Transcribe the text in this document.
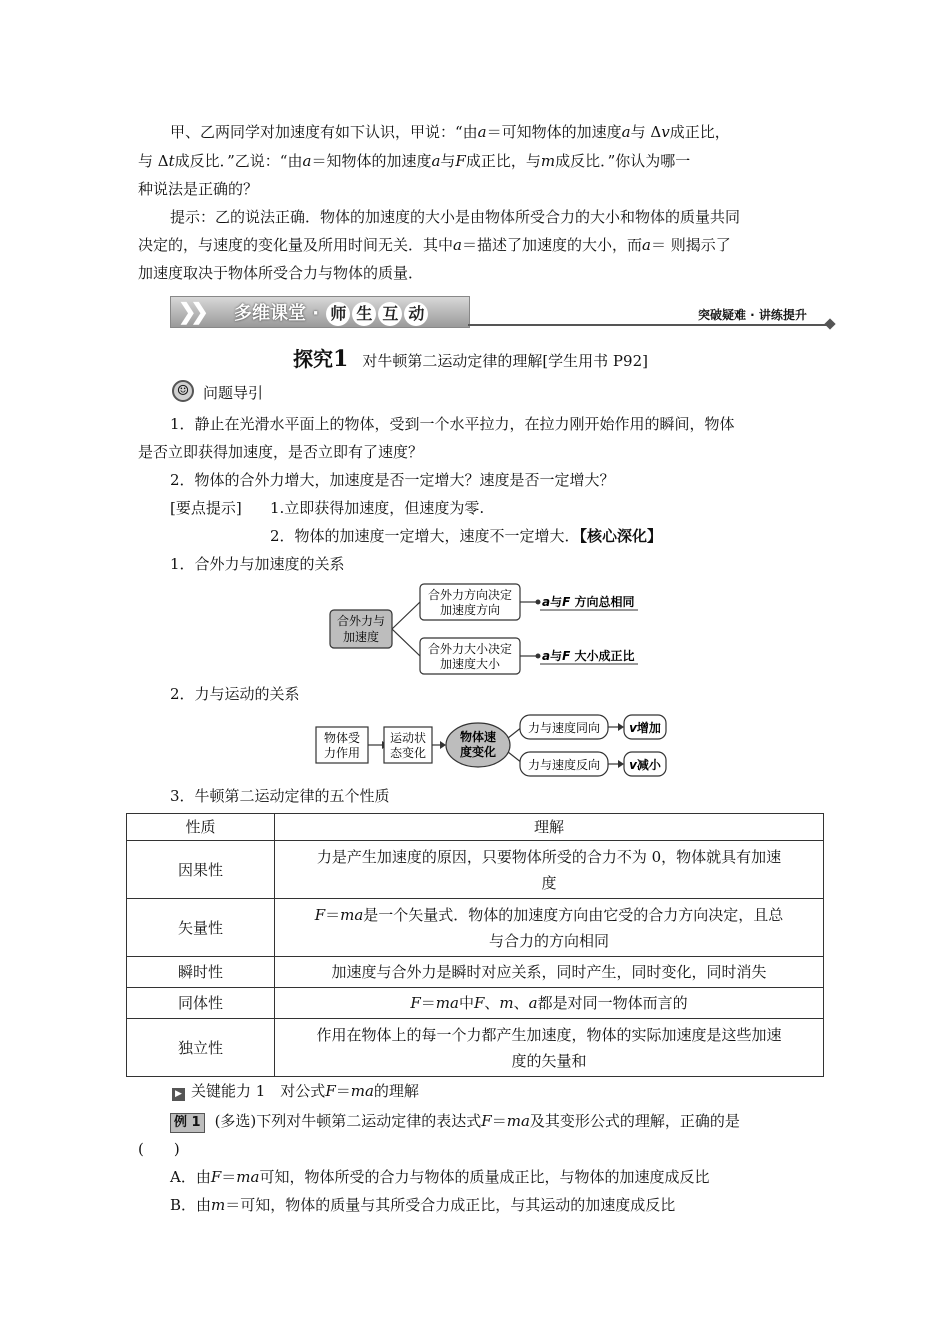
甲、乙两同学对加速度有如下认识，甲说：“由a＝可知物体的加速度a与 Δv成正比，
与 Δt成反比．”乙说：“由a＝知物体的加速度a与F成正比，与m成反比．”你认为哪一
种说法是正确的？
提示：乙的说法正确．物体的加速度的大小是由物体所受合力的大小和物体的质量共同
决定的，与速度的变化量及所用时间无关．其中a＝描述了加速度的大小，而a＝ 则揭示了
加速度取决于物体所受合力与物体的质量．
❯❯ 多维课堂 · 师 生 互 动	突破疑难 · 讲练提升
探究1 对牛顿第二运动定律的理解[学生用书 P92]
☺ 问题导引
1．静止在光滑水平面上的物体，受到一个水平拉力，在拉力刚开始作用的瞬间，物体
是否立即获得加速度，是否立即有了速度？
2．物体的合外力增大，加速度是否一定增大？速度是否一定增大？
[要点提示] 1.立即获得加速度，但速度为零.
2．物体的加速度一定增大，速度不一定增大．【核心深化】
1．合外力与加速度的关系
合外力与
加速度
合外力方向决定
加速度方向
合外力大小决定
加速度大小
a与F 方向总相同
a与F 大小成正比
2．力与运动的关系
物体受
力作用
运动状
态变化
物体速
度变化
力与速度同向
力与速度反向
v增加
v减小
3．牛顿第二运动定律的五个性质
性质	理解
因果性	力是产生加速度的原因，只要物体所受的合力不为 0，物体就具有加速
度
矢量性	F＝ma是一个矢量式．物体的加速度方向由它受的合力方向决定，且总
与合力的方向相同
瞬时性	加速度与合外力是瞬时对应关系，同时产生，同时变化，同时消失
同体性	F＝ma中F、m、a都是对同一物体而言的
独立性	作用在物体上的每一个力都产生加速度，物体的实际加速度是这些加速
度的矢量和
▶ 关键能力 1　对公式F＝ma的理解
例 1 (多选)下列对牛顿第二运动定律的表达式F＝ma及其变形公式的理解，正确的是
(　　)
A．由F＝ma可知，物体所受的合力与物体的质量成正比，与物体的加速度成反比
B．由m＝可知，物体的质量与其所受合力成正比，与其运动的加速度成反比
